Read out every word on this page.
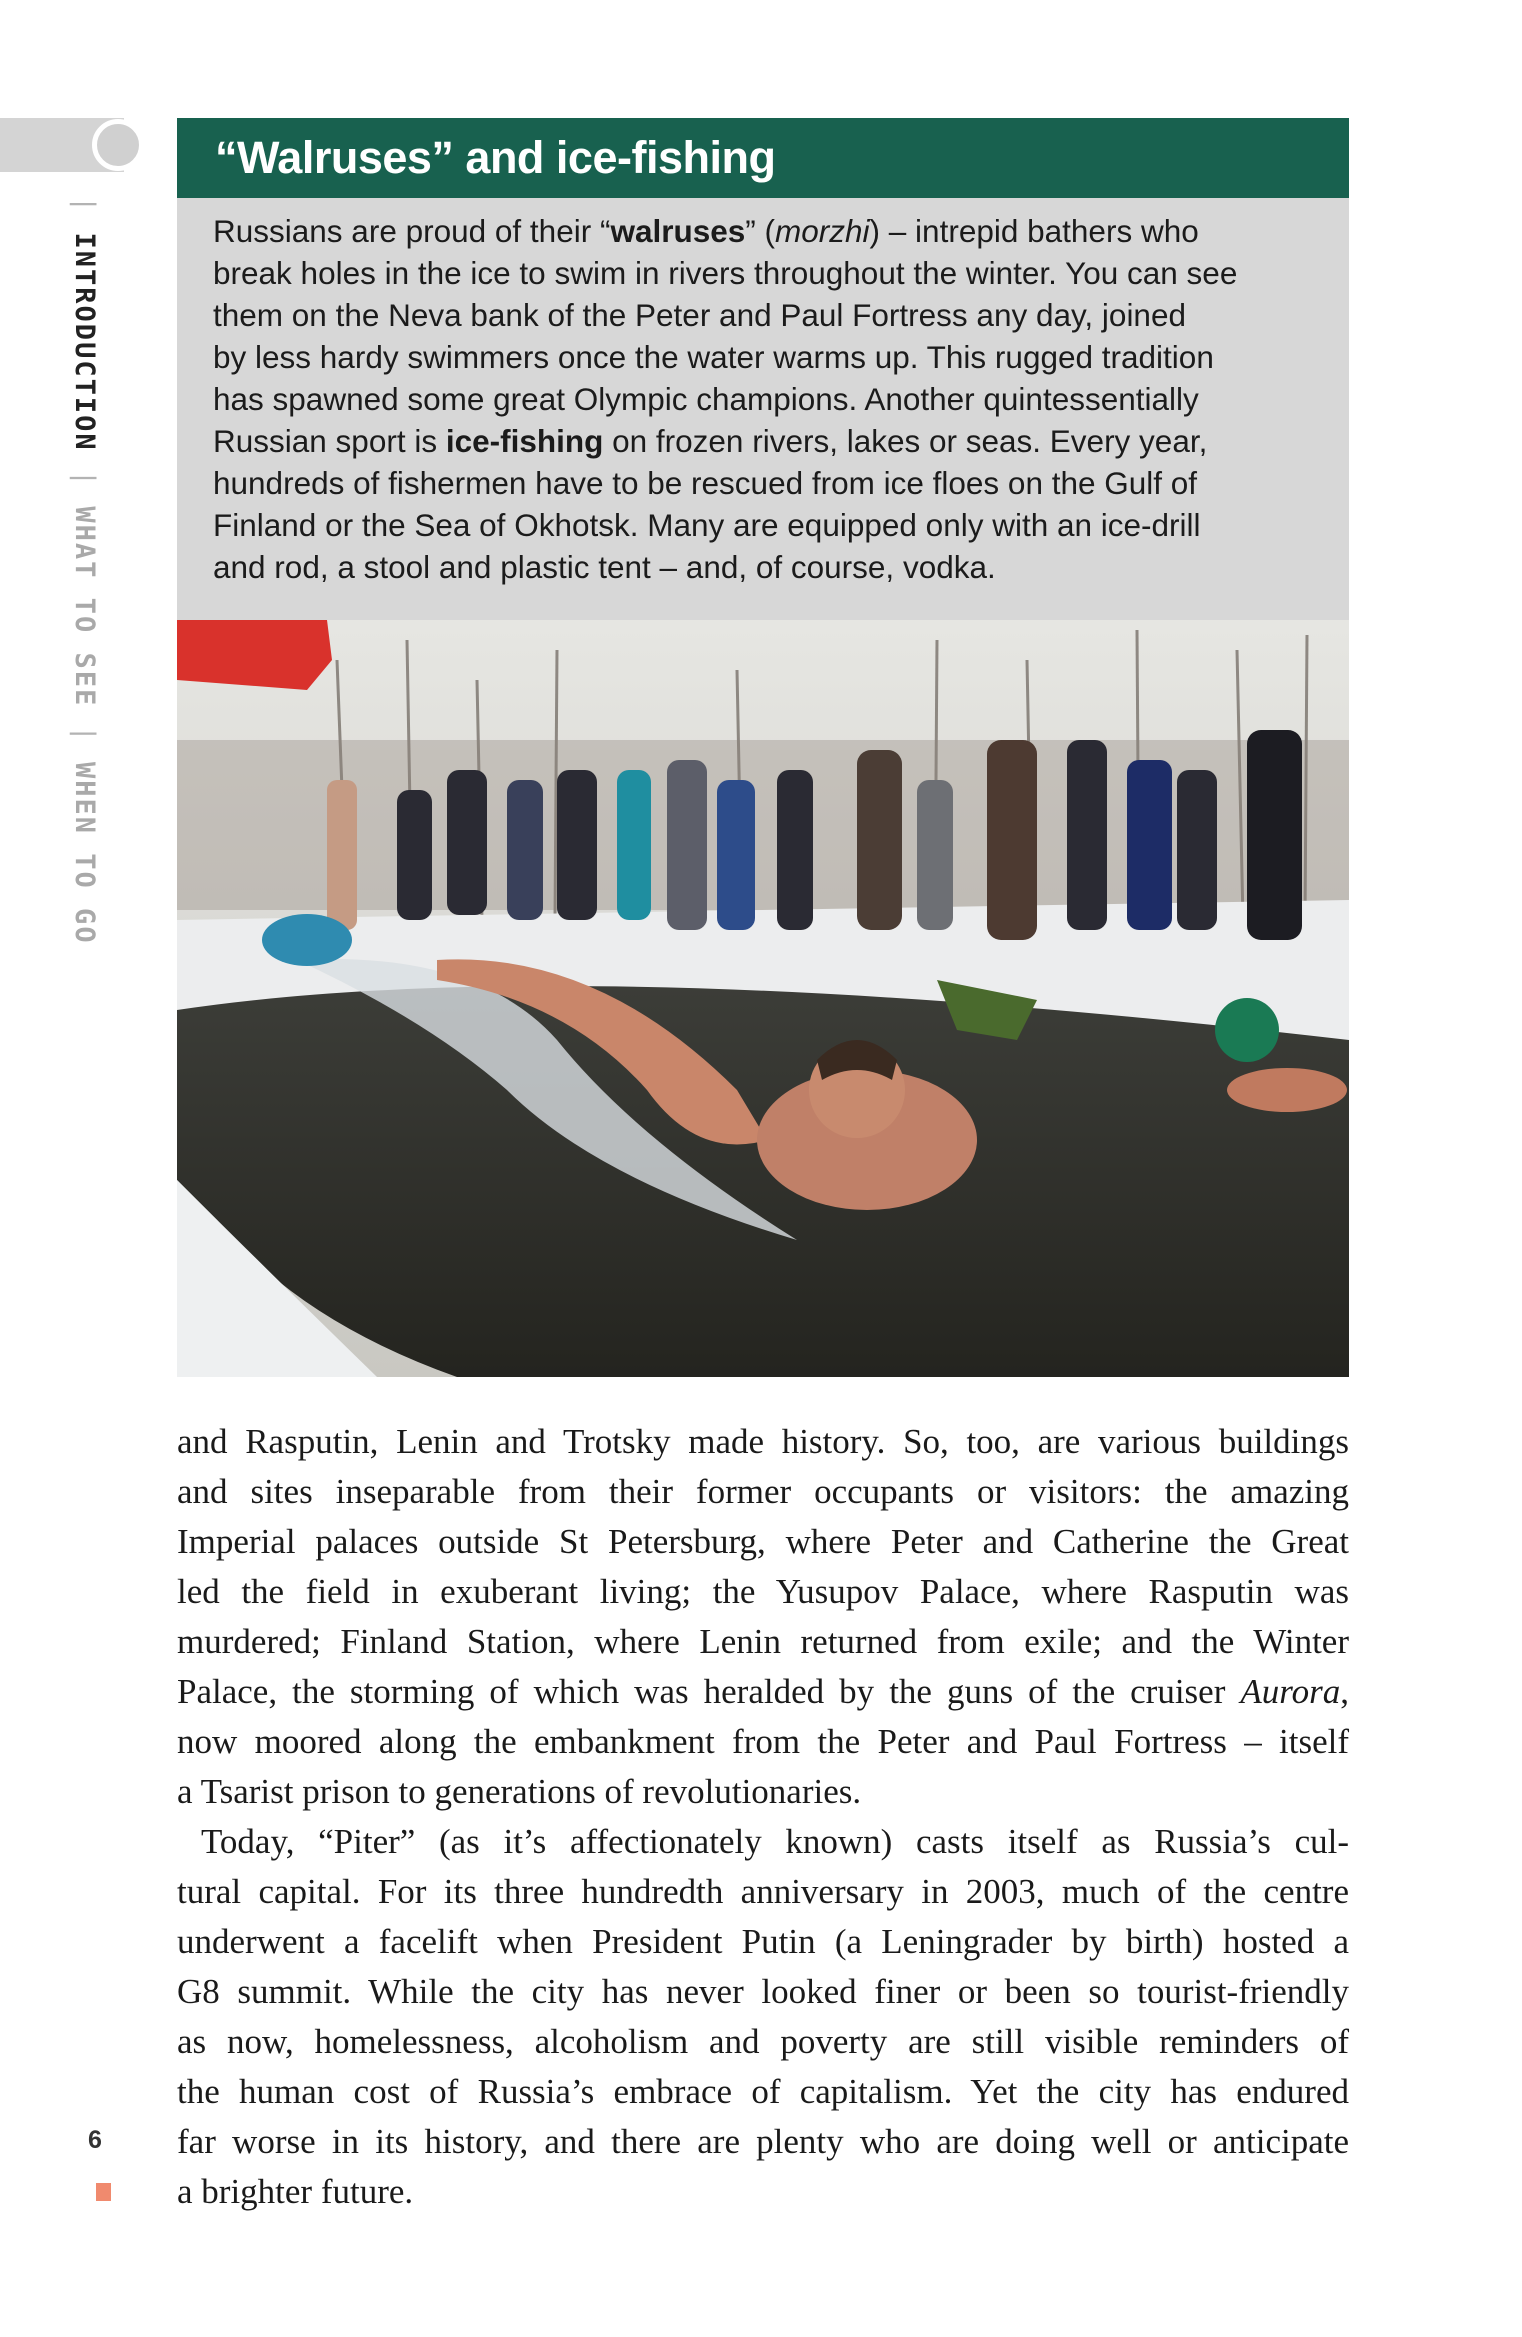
| INTRODUCTION | WHAT TO SEE | WHEN TO GO
“Walruses” and ice-fishing
Russians are proud of their “walruses” (morzhi) – intrepid bathers who
break holes in the ice to swim in rivers throughout the winter. You can see
them on the Neva bank of the Peter and Paul Fortress any day, joined
by less hardy swimmers once the water warms up. This rugged tradition
has spawned some great Olympic champions. Another quintessentially
Russian sport is ice-fishing on frozen rivers, lakes or seas. Every year,
hundreds of fishermen have to be rescued from ice floes on the Gulf of
Finland or the Sea of Okhotsk. Many are equipped only with an ice-drill
and rod, a stool and plastic tent – and, of course, vodka.
and Rasputin, Lenin and Trotsky made history. So, too, are various buildings
and sites inseparable from their former occupants or visitors: the amazing
Imperial palaces outside St Petersburg, where Peter and Catherine the Great
led the field in exuberant living; the Yusupov Palace, where Rasputin was
murdered; Finland Station, where Lenin returned from exile; and the Winter
Palace, the storming of which was heralded by the guns of the cruiser Aurora,
now moored along the embankment from the Peter and Paul Fortress – itself
a Tsarist prison to generations of revolutionaries.
Today, “Piter” (as it’s affectionately known) casts itself as Russia’s cul-
tural capital. For its three hundredth anniversary in 2003, much of the centre
underwent a facelift when President Putin (a Leningrader by birth) hosted a
G8 summit. While the city has never looked finer or been so tourist-friendly
as now, homelessness, alcoholism and poverty are still visible reminders of
the human cost of Russia’s embrace of capitalism. Yet the city has endured
far worse in its history, and there are plenty who are doing well or anticipate
a brighter future.
6
